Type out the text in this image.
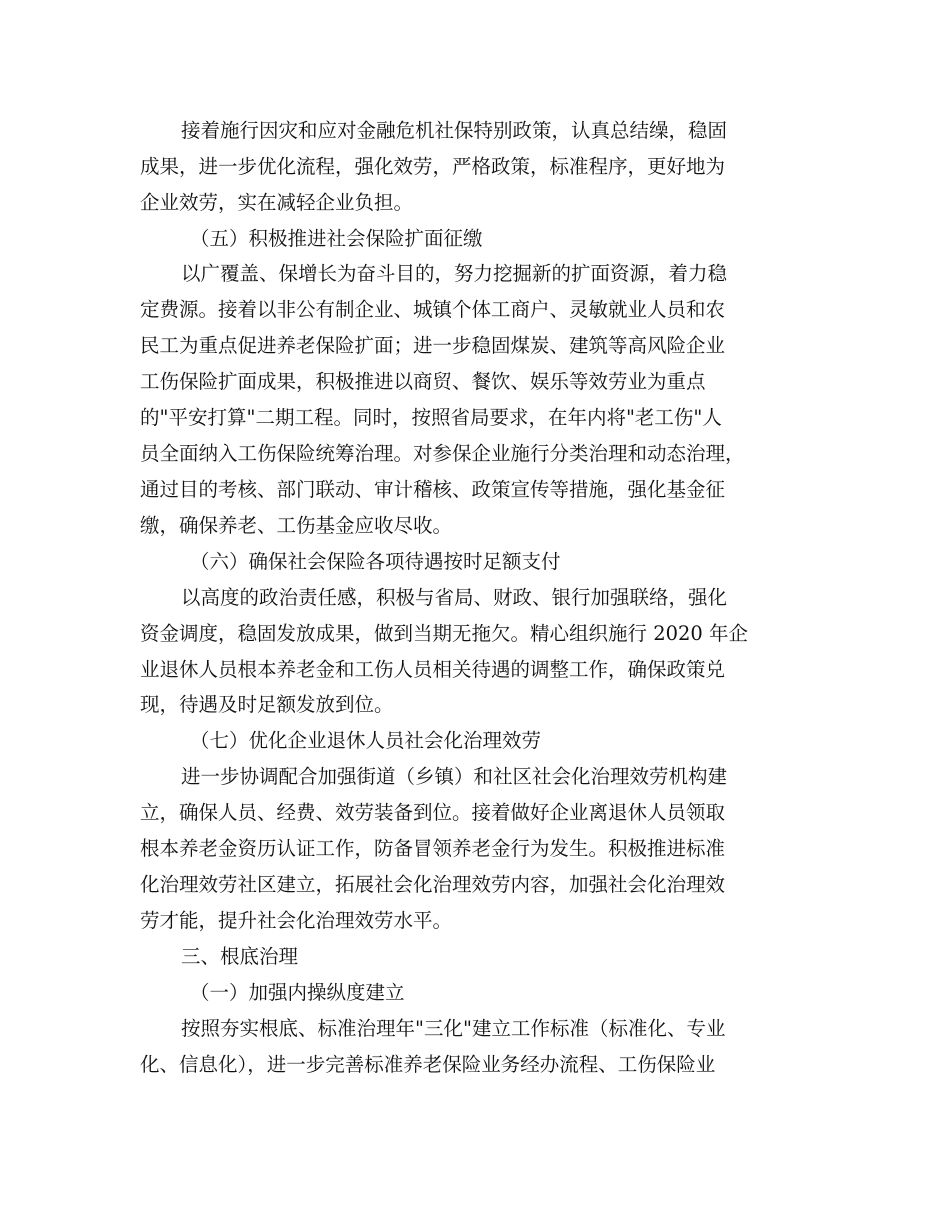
接着施行因灾和应对金融危机社保特别政策，认真总结缲，稳固
成果，进一步优化流程，强化效劳，严格政策，标准程序，更好地为
企业效劳，实在减轻企业负担。
（五）积极推进社会保险扩面征缴
以广覆盖、保增长为奋斗目的，努力挖掘新的扩面资源，着力稳
定费源。接着以非公有制企业、城镇个体工商户、灵敏就业人员和农
民工为重点促进养老保险扩面；进一步稳固煤炭、建筑等高风险企业
工伤保险扩面成果，积极推进以商贸、餐饮、娱乐等效劳业为重点
的"平安打算"二期工程。同时，按照省局要求，在年内将"老工伤"人
员全面纳入工伤保险统筹治理。对参保企业施行分类治理和动态治理，
通过目的考核、部门联动、审计稽核、政策宣传等措施，强化基金征
缴，确保养老、工伤基金应收尽收。
（六）确保社会保险各项待遇按时足额支付
以高度的政治责任感，积极与省局、财政、银行加强联络，强化
资金调度，稳固发放成果，做到当期无拖欠。精心组织施行 2020 年企
业退休人员根本养老金和工伤人员相关待遇的调整工作，确保政策兑
现，待遇及时足额发放到位。
（七）优化企业退休人员社会化治理效劳
进一步协调配合加强街道（乡镇）和社区社会化治理效劳机构建
立，确保人员、经费、效劳装备到位。接着做好企业离退休人员领取
根本养老金资历认证工作，防备冒领养老金行为发生。积极推进标准
化治理效劳社区建立，拓展社会化治理效劳内容，加强社会化治理效
劳才能，提升社会化治理效劳水平。
三、根底治理
（一）加强内操纵度建立
按照夯实根底、标准治理年"三化"建立工作标准（标准化、专业
化、信息化），进一步完善标准养老保险业务经办流程、工伤保险业
